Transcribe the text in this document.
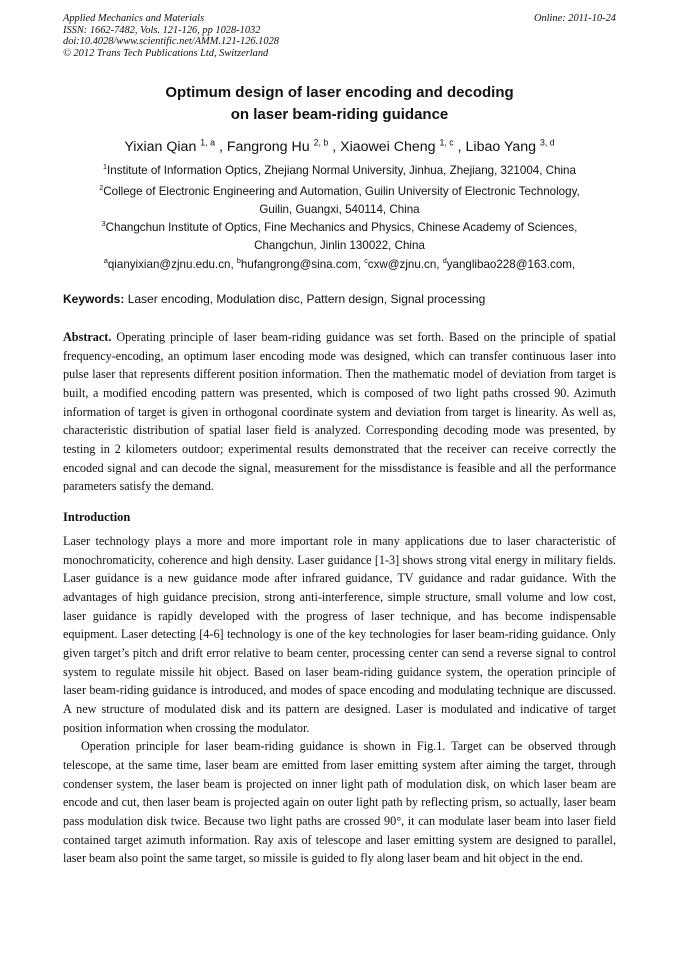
Applied Mechanics and Materials
ISSN: 1662-7482, Vols. 121-126, pp 1028-1032
doi:10.4028/www.scientific.net/AMM.121-126.1028
© 2012 Trans Tech Publications Ltd, Switzerland
Online: 2011-10-24
Optimum design of laser encoding and decoding
on laser beam-riding guidance
Yixian Qian $^{1, a}$ , Fangrong Hu $^{2, b}$ , Xiaowei Cheng $^{1, c}$ , Libao Yang $^{3, d}$
$^1$Institute of Information Optics, Zhejiang Normal University, Jinhua, Zhejiang, 321004, China
$^2$College of Electronic Engineering and Automation, Guilin University of Electronic Technology,
Guilin, Guangxi, 540114, China
$^3$Changchun Institute of Optics, Fine Mechanics and Physics, Chinese Academy of Sciences,
Changchun, Jinlin 130022, China
$^a$qianyixian@zjnu.edu.cn, $^b$hufangrong@sina.com, $^c$cxw@zjnu.cn, $^d$yanglibao228@163.com,
Keywords: Laser encoding, Modulation disc, Pattern design, Signal processing
Abstract. Operating principle of laser beam-riding guidance was set forth. Based on the principle of spatial frequency-encoding, an optimum laser encoding mode was designed, which can transfer continuous laser into pulse laser that represents different position information. Then the mathematic model of deviation from target is built, a modified encoding pattern was presented, which is composed of two light paths crossed 90. Azimuth information of target is given in orthogonal coordinate system and deviation from target is linearity. As well as, characteristic distribution of spatial laser field is analyzed. Corresponding decoding mode was presented, by testing in 2 kilometers outdoor; experimental results demonstrated that the receiver can receive correctly the encoded signal and can decode the signal, measurement for the missdistance is feasible and all the performance parameters satisfy the demand.
Introduction
Laser technology plays a more and more important role in many applications due to laser characteristic of monochromaticity, coherence and high density. Laser guidance [1-3] shows strong vital energy in military fields. Laser guidance is a new guidance mode after infrared guidance, TV guidance and radar guidance. With the advantages of high guidance precision, strong anti-interference, simple structure, small volume and low cost, laser guidance is rapidly developed with the progress of laser technique, and has become indispensable equipment. Laser detecting [4-6] technology is one of the key technologies for laser beam-riding guidance. Only given target’s pitch and drift error relative to beam center, processing center can send a reverse signal to control system to regulate missile hit object. Based on laser beam-riding guidance system, the operation principle of laser beam-riding guidance is introduced, and modes of space encoding and modulating technique are discussed. A new structure of modulated disk and its pattern are designed. Laser is modulated and indicative of target position information when crossing the modulator.
Operation principle for laser beam-riding guidance is shown in Fig.1. Target can be observed through telescope, at the same time, laser beam are emitted from laser emitting system after aiming the target, through condenser system, the laser beam is projected on inner light path of modulation disk, on which laser beam are encode and cut, then laser beam is projected again on outer light path by reflecting prism, so actually, laser beam pass modulation disk twice. Because two light paths are crossed 90°, it can modulate laser beam into laser field contained target azimuth information. Ray axis of telescope and laser emitting system are designed to parallel, laser beam also point the same target, so missile is guided to fly along laser beam and hit object in the end.
